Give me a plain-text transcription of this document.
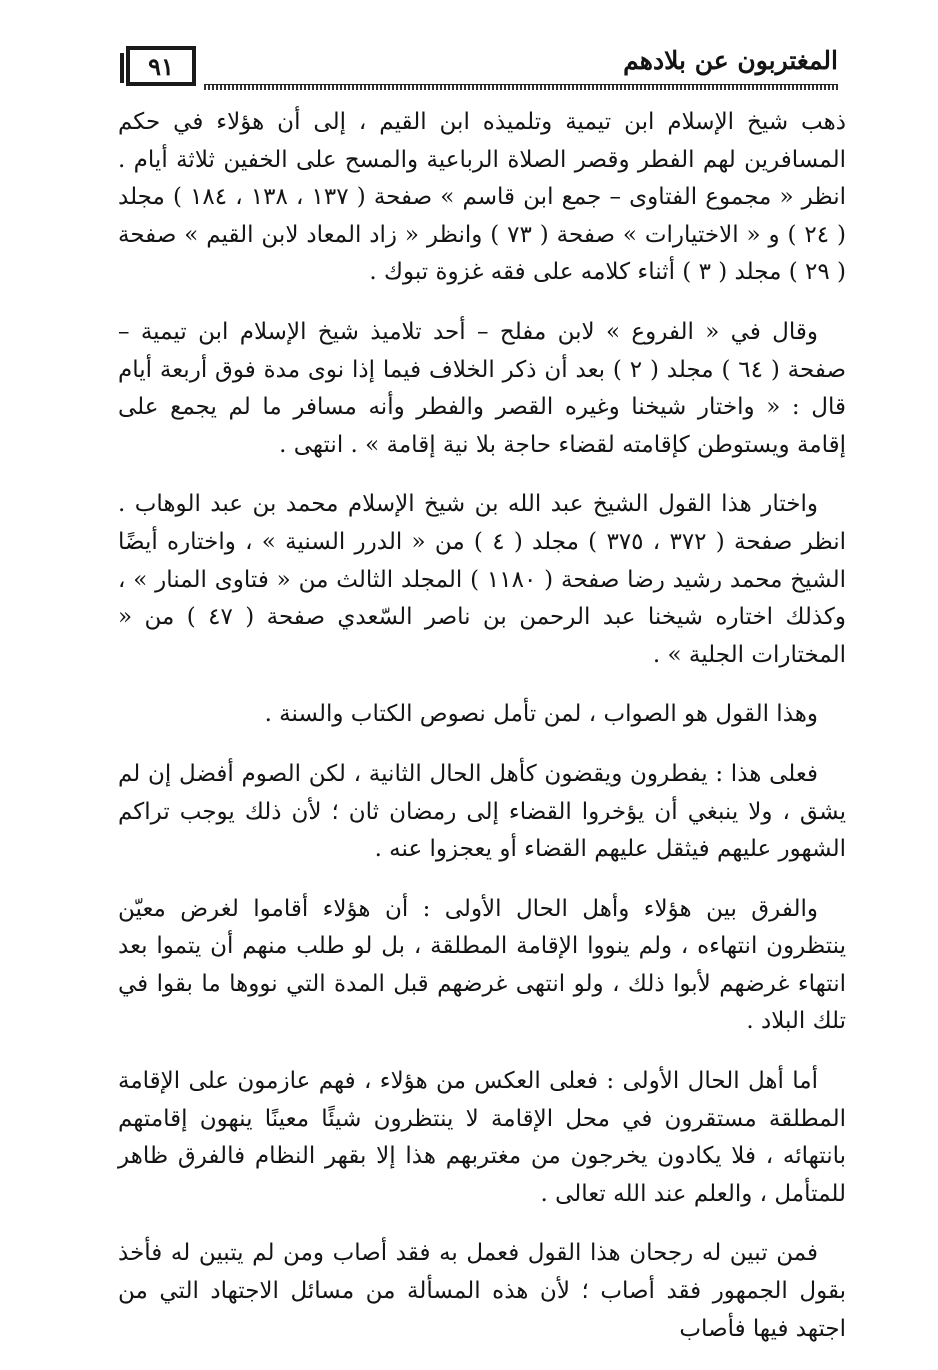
٩١	المغتربون عن بلادهم

ذهب شيخ الإسلام ابن تيمية وتلميذه ابن القيم ، إلى أن هؤلاء في حكم المسافرين لهم الفطر وقصر الصلاة الرباعية والمسح على الخفين ثلاثة أيام . انظر « مجموع الفتاوى – جمع ابن قاسم » صفحة ( ١٣٧ ، ١٣٨ ، ١٨٤ ) مجلد ( ٢٤ ) و « الاختيارات » صفحة ( ٧٣ ) وانظر « زاد المعاد لابن القيم » صفحة ( ٢٩ ) مجلد ( ٣ ) أثناء كلامه على فقه غزوة تبوك .

وقال في « الفروع » لابن مفلح – أحد تلاميذ شيخ الإسلام ابن تيمية – صفحة ( ٦٤ ) مجلد ( ٢ ) بعد أن ذكر الخلاف فيما إذا نوى مدة فوق أربعة أيام قال : « واختار شيخنا وغيره القصر والفطر وأنه مسافر ما لم يجمع على إقامة ويستوطن كإقامته لقضاء حاجة بلا نية إقامة » . انتهى .

واختار هذا القول الشيخ عبد الله بن شيخ الإسلام محمد بن عبد الوهاب . انظر صفحة ( ٣٧٢ ، ٣٧٥ ) مجلد ( ٤ ) من « الدرر السنية » ، واختاره أيضًا الشيخ محمد رشيد رضا صفحة ( ١١٨٠ ) المجلد الثالث من « فتاوى المنار » ، وكذلك اختاره شيخنا عبد الرحمن بن ناصر السّعدي صفحة ( ٤٧ ) من « المختارات الجلية » .

وهذا القول هو الصواب ، لمن تأمل نصوص الكتاب والسنة .

فعلى هذا : يفطرون ويقضون كأهل الحال الثانية ، لكن الصوم أفضل إن لم يشق ، ولا ينبغي أن يؤخروا القضاء إلى رمضان ثان ؛ لأن ذلك يوجب تراكم الشهور عليهم فيثقل عليهم القضاء أو يعجزوا عنه .

والفرق بين هؤلاء وأهل الحال الأولى : أن هؤلاء أقاموا لغرض معيّن ينتظرون انتهاءه ، ولم ينووا الإقامة المطلقة ، بل لو طلب منهم أن يتموا بعد انتهاء غرضهم لأبوا ذلك ، ولو انتهى غرضهم قبل المدة التي نووها ما بقوا في تلك البلاد .

أما أهل الحال الأولى : فعلى العكس من هؤلاء ، فهم عازمون على الإقامة المطلقة مستقرون في محل الإقامة لا ينتظرون شيئًا معينًا ينهون إقامتهم بانتهائه ، فلا يكادون يخرجون من مغتربهم هذا إلا بقهر النظام فالفرق ظاهر للمتأمل ، والعلم عند الله تعالى .

فمن تبين له رجحان هذا القول فعمل به فقد أصاب ومن لم يتبين له فأخذ بقول الجمهور فقد أصاب ؛ لأن هذه المسألة من مسائل الاجتهاد التي من اجتهد فيها فأصاب
